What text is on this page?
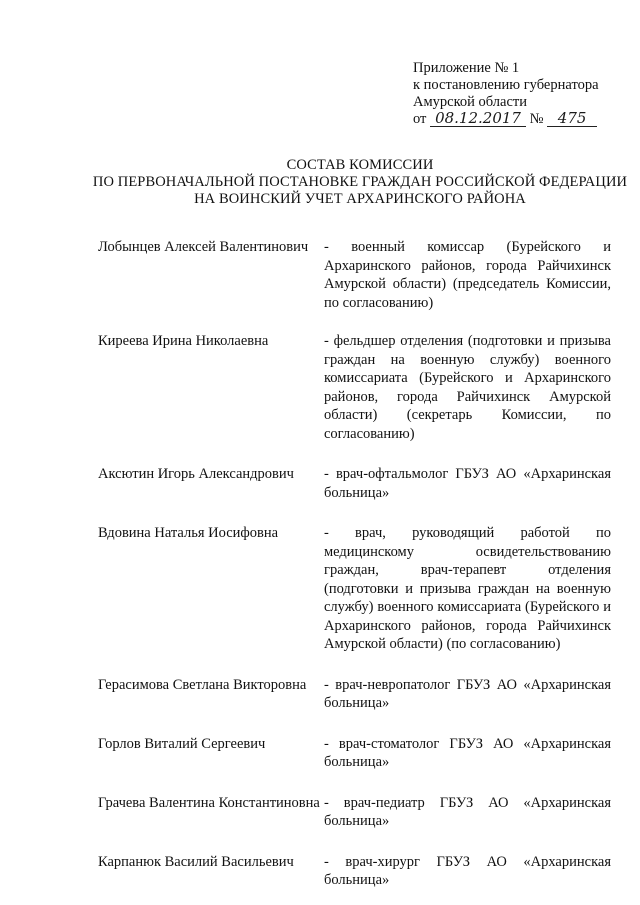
Приложение № 1
к постановлению губернатора
Амурской области
от 08.12.2017 № 475
СОСТАВ КОМИССИИ
ПО ПЕРВОНАЧАЛЬНОЙ ПОСТАНОВКЕ ГРАЖДАН РОССИЙСКОЙ ФЕДЕРАЦИИ
НА ВОИНСКИЙ УЧЕТ АРХАРИНСКОГО РАЙОНА
Лобынцев Алексей Валентинович	- военный комиссар (Бурейского и Архаринского районов, города Райчихинск Амурской области) (председатель Комиссии, по согласованию)
Киреева Ирина Николаевна	- фельдшер отделения (подготовки и призыва граждан на военную службу) военного комиссариата (Бурейского и Архаринского районов, города Райчихинск Амурской области) (секретарь Комиссии, по согласованию)
Аксютин Игорь Александрович	- врач-офтальмолог ГБУЗ АО «Архаринская больница»
Вдовина Наталья Иосифовна	- врач, руководящий работой по медицинскому освидетельствованию граждан, врач-терапевт отделения (подготовки и призыва граждан на военную службу) военного комиссариата (Бурейского и Архаринского районов, города Райчихинск Амурской области) (по согласованию)
Герасимова Светлана Викторовна	- врач-невропатолог ГБУЗ АО «Архаринская больница»
Горлов Виталий Сергеевич	- врач-стоматолог ГБУЗ АО «Архаринская больница»
Грачева Валентина Константиновна - врач-педиатр ГБУЗ АО «Архаринская больница»
Карпанюк Василий Васильевич	- врач-хирург ГБУЗ АО «Архаринская больница»
